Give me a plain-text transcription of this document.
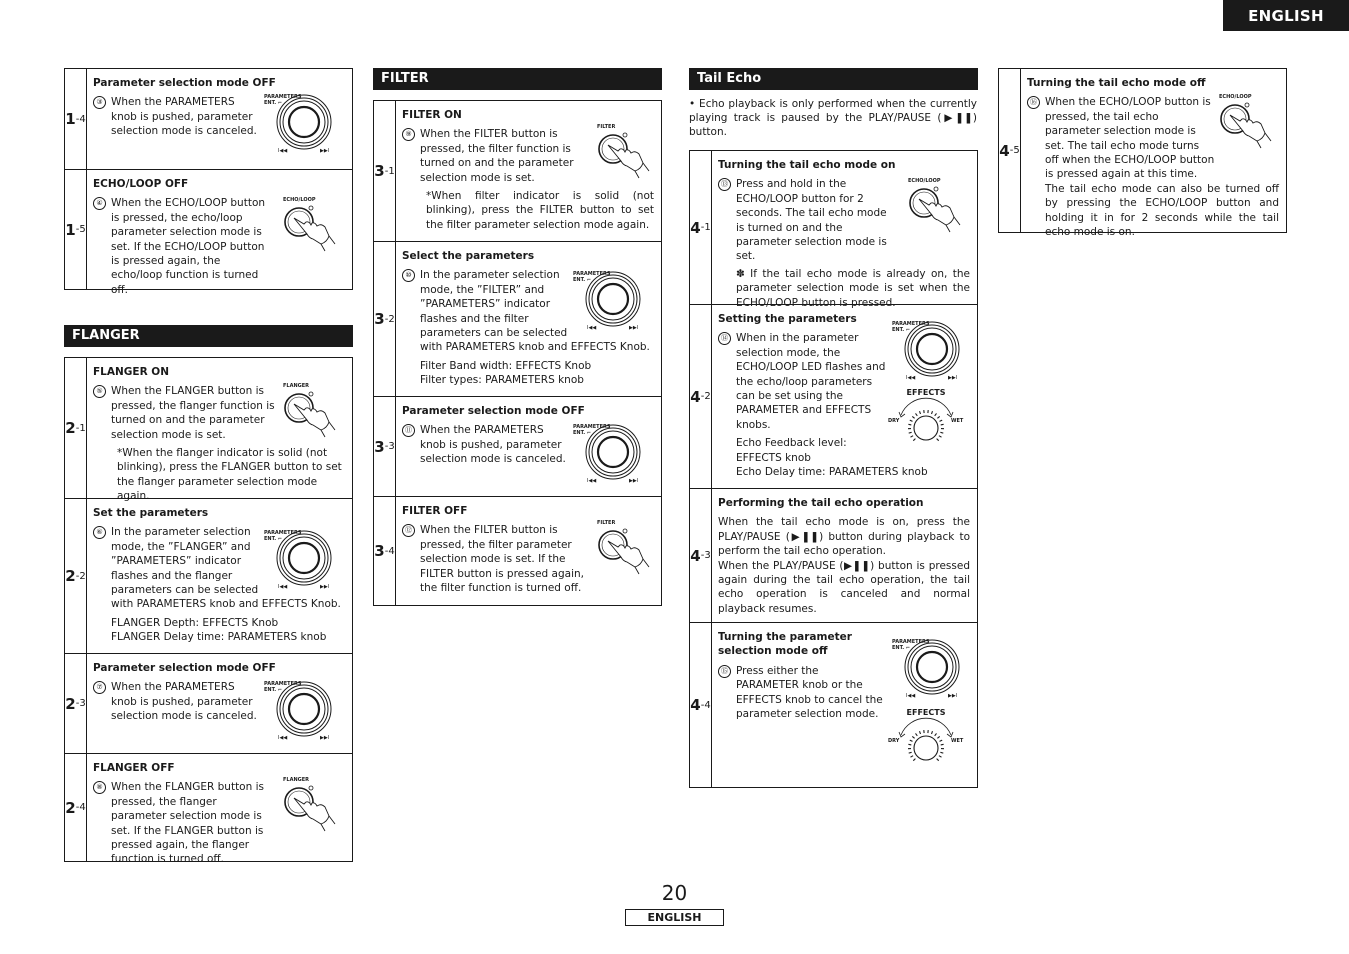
ENGLISH
1 -4
Parameter selection mode OFF
③ When the PARAMETERS knob is pushed, parameter selection mode is canceled.
PARAMETERS
ENT. ⌐
I◀◀	▶▶I
1 -5
ECHO/LOOP OFF
④ When the ECHO/LOOP button is pressed, the echo/loop parameter selection mode is set. If the ECHO/LOOP button is pressed again, the echo/loop function is turned off.
ECHO/LOOP
FLANGER
2 -1
FLANGER ON
⑤ When the FLANGER button is pressed, the flanger function is turned on and the parameter selection mode is set.
*When the flanger indicator is solid (not blinking), press the FLANGER button to set the flanger parameter selection mode again.
FLANGER
2 -2
Set the parameters
⑥ In the parameter selection mode, the ”FLANGER” and ”PARAMETERS” indicator flashes and the flanger parameters can be selected with PARAMETERS knob and EFFECTS Knob.
FLANGER Depth: EFFECTS Knob
FLANGER Delay time: PARAMETERS knob
PARAMETERS
ENT. ⌐
I◀◀	▶▶I
2 -3
Parameter selection mode OFF
⑦ When the PARAMETERS knob is pushed, parameter selection mode is canceled.
PARAMETERS
ENT. ⌐
I◀◀	▶▶I
2 -4
FLANGER OFF
⑧ When the FLANGER button is pressed, the flanger parameter selection mode is set. If the FLANGER button is pressed again, the flanger function is turned off.
FLANGER
FILTER
3 -1
FILTER ON
⑨ When the FILTER button is pressed, the filter function is turned on and the parameter selection mode is set.
*When filter indicator is solid (not blinking), press the FILTER button to set the filter parameter selection mode again.
FILTER
3 -2
Select the parameters
⑩ In the parameter selection mode, the ”FILTER” and ”PARAMETERS” indicator flashes and the filter parameters can be selected with PARAMETERS knob and EFFECTS Knob.
Filter Band width: EFFECTS Knob
Filter types: PARAMETERS knob
PARAMETERS
ENT. ⌐
I◀◀	▶▶I
3 -3
Parameter selection mode OFF
⑪ When the PARAMETERS knob is pushed, parameter selection mode is canceled.
PARAMETERS
ENT. ⌐
I◀◀	▶▶I
3 -4
FILTER OFF
⑫ When the FILTER button is pressed, the filter parameter selection mode is set. If the FILTER button is pressed again, the filter function is turned off.
FILTER
Tail Echo
• Echo playback is only performed when the currently playing track is paused by the PLAY/PAUSE (▶❚❚) button.
4 -1
Turning the tail echo mode on
⑬ Press and hold in the ECHO/LOOP button for 2 seconds. The tail echo mode is turned on and the parameter selection mode is set.
✽ If the tail echo mode is already on, the parameter selection mode is set when the ECHO/LOOP button is pressed.
ECHO/LOOP
4 -2
Setting the parameters
⑭ When in the parameter selection mode, the ECHO/LOOP LED flashes and the echo/loop parameters can be set using the PARAMETER and EFFECTS knobs.
Echo Feedback level:
EFFECTS knob
Echo Delay time: PARAMETERS knob
PARAMETERS
ENT. ⌐
I◀◀	▶▶I
EFFECTS
DRY	WET
4 -3
Performing the tail echo operation
When the tail echo mode is on, press the PLAY/PAUSE (▶❚❚) button during playback to perform the tail echo operation.
When the PLAY/PAUSE (▶❚❚) button is pressed again during the tail echo operation, the tail echo operation is canceled and normal playback resumes.
4 -4
Turning the parameter selection mode off
⑮ Press either the PARAMETER knob or the EFFECTS knob to cancel the parameter selection mode.
PARAMETERS
ENT. ⌐
I◀◀	▶▶I
EFFECTS
DRY	WET
4 -5
Turning the tail echo mode off
⑯ When the ECHO/LOOP button is pressed, the tail echo parameter selection mode is set. The tail echo mode turns off when the ECHO/LOOP button is pressed again at this time.
The tail echo mode can also be turned off by pressing the ECHO/LOOP button and holding it in for 2 seconds while the tail echo mode is on.
ECHO/LOOP
20
ENGLISH
